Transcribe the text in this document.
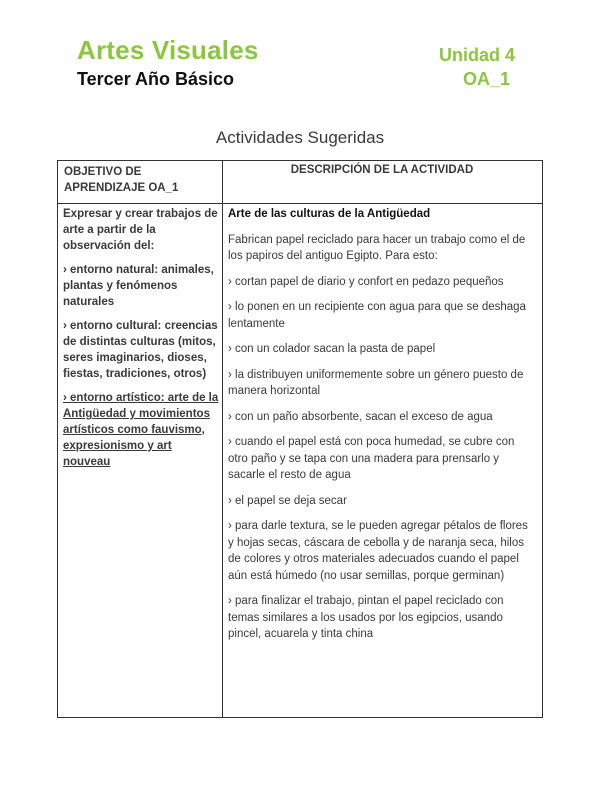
Artes Visuales	Unidad 4
Tercer Año Básico	OA_1
Actividades Sugeridas
OBJETIVO DE
APRENDIZAJE OA_1
DESCRIPCIÓN DE LA ACTIVIDAD

Expresar y crear trabajos de arte a partir de la observación del:

› entorno natural: animales, plantas y fenómenos naturales

› entorno cultural: creencias de distintas culturas (mitos, seres imaginarios, dioses, fiestas, tradiciones, otros)

› entorno artístico: arte de la Antigüedad y movimientos artísticos como fauvismo, expresionismo y art nouveau

Arte de las culturas de la Antigüedad

Fabrican papel reciclado para hacer un trabajo como el de los papiros del antiguo Egipto. Para esto:

› cortan papel de diario y confort en pedazo pequeños

› lo ponen en un recipiente con agua para que se deshaga lentamente

› con un colador sacan la pasta de papel

› la distribuyen uniformemente sobre un género puesto de manera horizontal

› con un paño absorbente, sacan el exceso de agua

› cuando el papel está con poca humedad, se cubre con otro paño y se tapa con una madera para prensarlo y sacarle el resto de agua

› el papel se deja secar

› para darle textura, se le pueden agregar pétalos de flores y hojas secas, cáscara de cebolla y de naranja seca, hilos de colores y otros materiales adecuados cuando el papel aún está húmedo (no usar semillas, porque germinan)

› para finalizar el trabajo, pintan el papel reciclado con temas similares a los usados por los egipcios, usando pincel, acuarela y tinta china
